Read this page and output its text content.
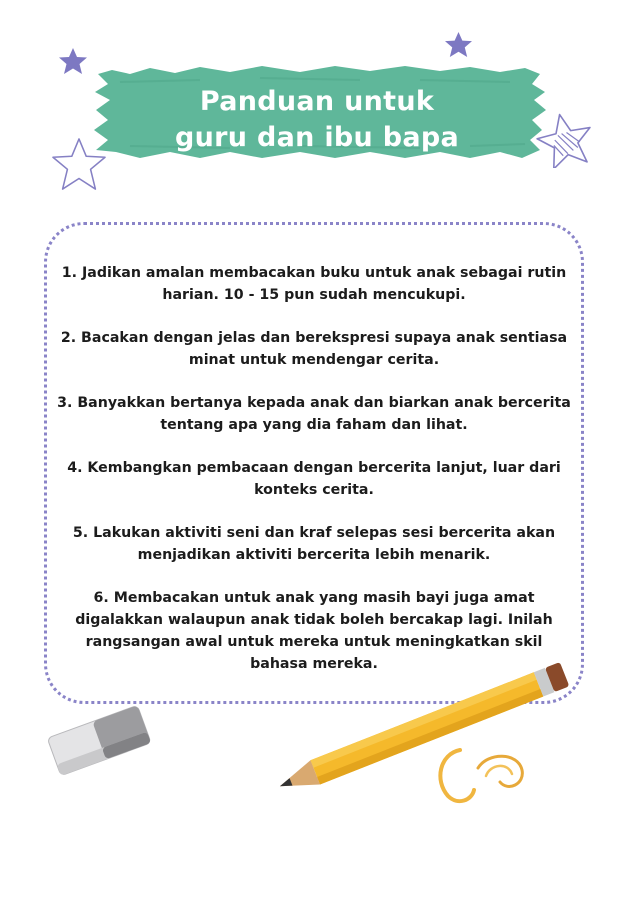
Panduan untuk
guru dan ibu bapa
1. Jadikan amalan membacakan buku untuk anak sebagai rutin harian. 10 - 15 pun sudah mencukupi.
2. Bacakan dengan jelas dan berekspresi supaya anak sentiasa minat untuk mendengar cerita.
3. Banyakkan bertanya kepada anak dan biarkan anak bercerita tentang apa yang dia faham dan lihat.
4. Kembangkan pembacaan dengan bercerita lanjut, luar dari konteks cerita.
5. Lakukan aktiviti seni dan kraf selepas sesi bercerita akan menjadikan aktiviti bercerita lebih menarik.
6. Membacakan untuk anak yang masih bayi juga amat digalakkan walaupun anak tidak boleh bercakap lagi. Inilah rangsangan awal untuk mereka untuk meningkatkan skil bahasa mereka.
